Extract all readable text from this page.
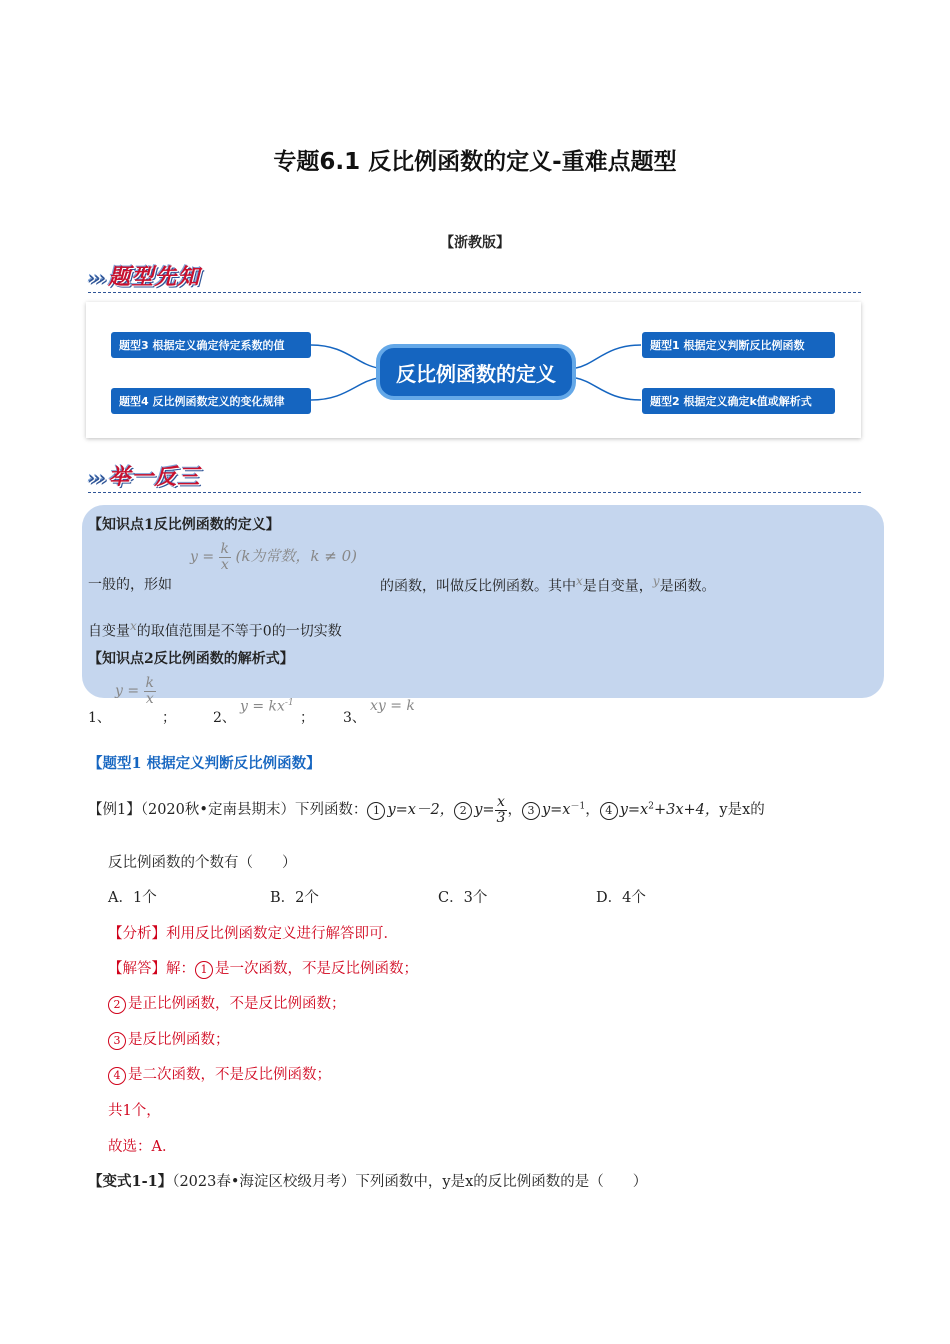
专题6.1 反比例函数的定义-重难点题型
【浙教版】
››› 题型先知
题型3 根据定义确定待定系数的值
题型4 反比例函数定义的变化规律
题型1 根据定义判断反比例函数
题型2 根据定义确定k值或解析式
反比例函数的定义
››› 举一反三
【知识点1反比例函数的定义】
一般的，形如
$y = \frac{k}{x} (k$为常数，k ≠ 0)
的函数，叫做反比例函数。其中$^x$是自变量，$^y$是函数。
自变量$^x$的取值范围是不等于0的一切实数
【知识点2反比例函数的解析式】
1、
$y = \frac{k}{x}$
；	2、
$y = kx^{-1}$
； 3、
xy = k
【题型1 根据定义判断反比例函数】
【例1】（2020秋•定南县期末）下列函数： 1 y=x－2， 2 $y= \frac{x}{3}$ ， 3 $y=x^{-1}$， 4 $y=x^2+3x+4$，y是x的
反比例函数的个数有（　　）
A．1个	B．2个	C．3个	D．4个
【分析】利用反比例函数定义进行解答即可．
【解答】解： 1 是一次函数，不是反比例函数；
2 是正比例函数，不是反比例函数；
3 是反比例函数；
4 是二次函数，不是反比例函数；
共1个，
故选：A．
【变式1-1】（2023春•海淀区校级月考）下列函数中，y是x的反比例函数的是（　　）
